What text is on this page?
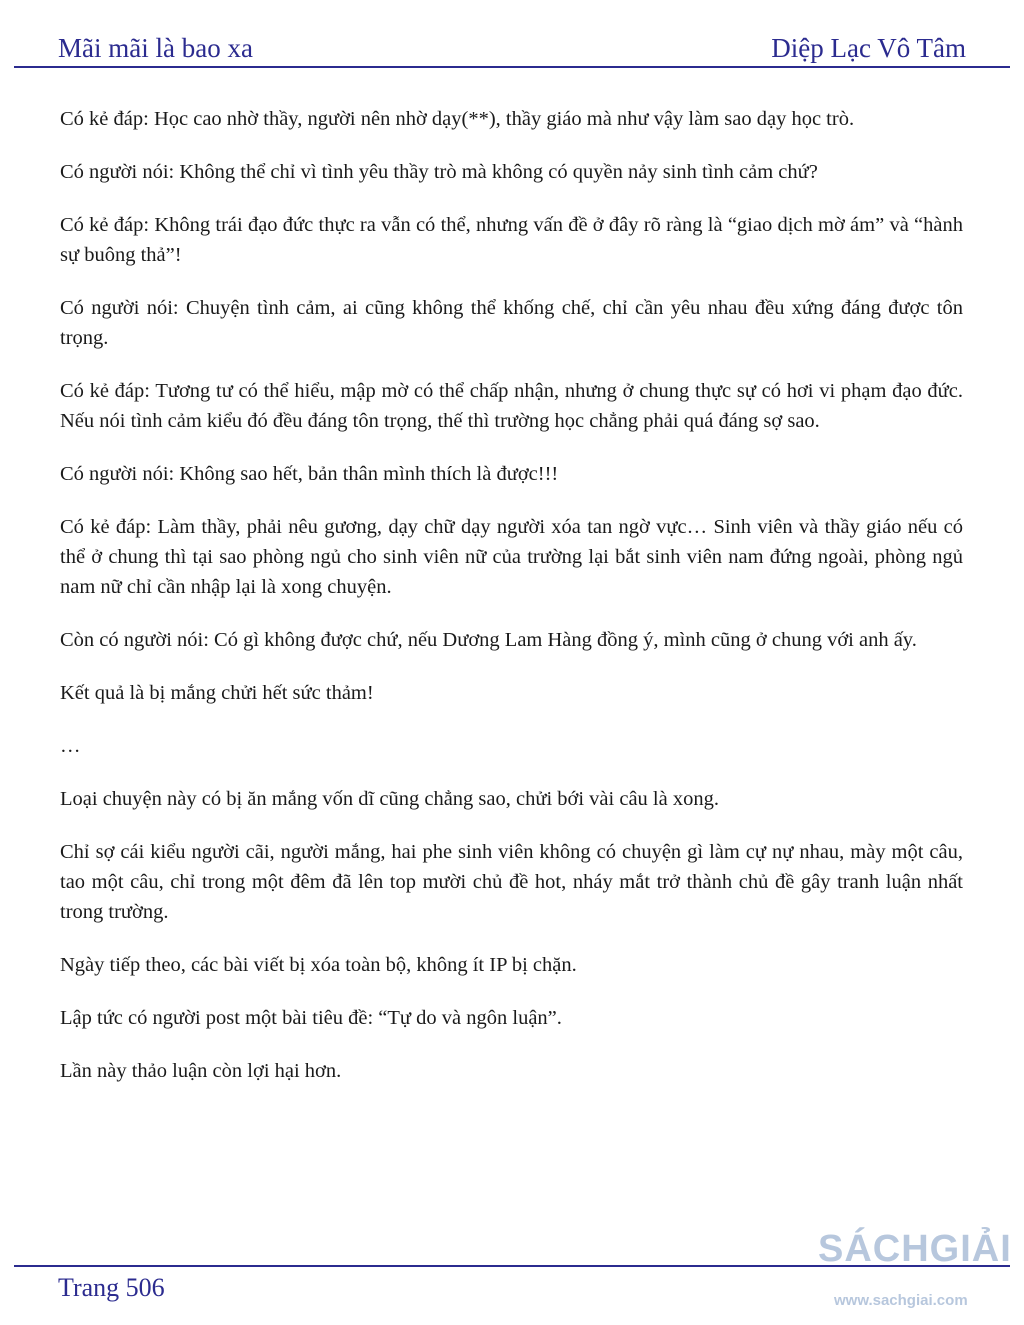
Mãi mãi là bao xa	Diệp Lạc Vô Tâm

Có kẻ đáp: Học cao nhờ thầy, người nên nhờ dạy(**), thầy giáo mà như vậy làm sao dạy học trò.

Có người nói: Không thể chỉ vì tình yêu thầy trò mà không có quyền nảy sinh tình cảm chứ?

Có kẻ đáp: Không trái đạo đức thực ra vẫn có thể, nhưng vấn đề ở đây rõ ràng là “giao dịch mờ ám” và “hành sự buông thả”!

Có người nói: Chuyện tình cảm, ai cũng không thể khống chế, chỉ cần yêu nhau đều xứng đáng được tôn trọng.

Có kẻ đáp: Tương tư có thể hiểu, mập mờ có thể chấp nhận, nhưng ở chung thực sự có hơi vi phạm đạo đức. Nếu nói tình cảm kiểu đó đều đáng tôn trọng, thế thì trường học chẳng phải quá đáng sợ sao.

Có người nói: Không sao hết, bản thân mình thích là được!!!

Có kẻ đáp: Làm thầy, phải nêu gương, dạy chữ dạy người xóa tan ngờ vực… Sinh viên và thầy giáo nếu có thể ở chung thì tại sao phòng ngủ cho sinh viên nữ của trường lại bắt sinh viên nam đứng ngoài, phòng ngủ nam nữ chỉ cần nhập lại là xong chuyện.

Còn có người nói: Có gì không được chứ, nếu Dương Lam Hàng đồng ý, mình cũng ở chung với anh ấy.

Kết quả là bị mắng chửi hết sức thảm!

…

Loại chuyện này có bị ăn mắng vốn dĩ cũng chẳng sao, chửi bới vài câu là xong.

Chỉ sợ cái kiểu người cãi, người mắng, hai phe sinh viên không có chuyện gì làm cự nự nhau, mày một câu, tao một câu, chỉ trong một đêm đã lên top mười chủ đề hot, nháy mắt trở thành chủ đề gây tranh luận nhất trong trường.

Ngày tiếp theo, các bài viết bị xóa toàn bộ, không ít IP bị chặn.

Lập tức có người post một bài tiêu đề: “Tự do và ngôn luận”.

Lần này thảo luận còn lợi hại hơn.

Trang 506
SÁCHGIẢI
www.sachgiai.com
